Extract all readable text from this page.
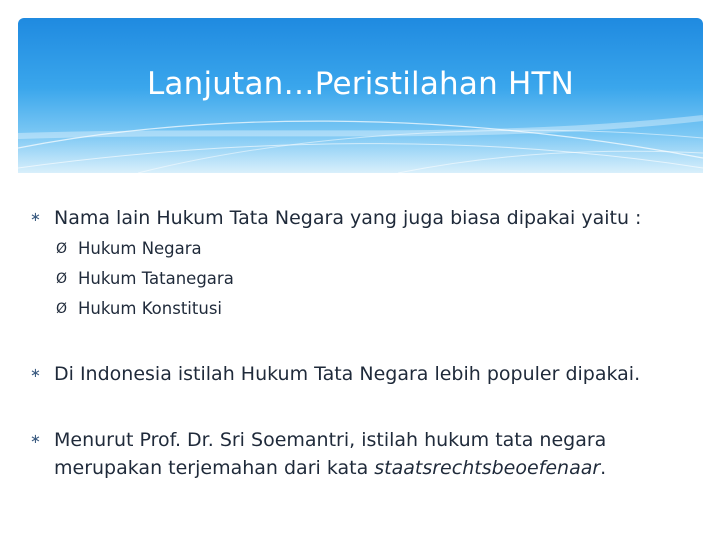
Lanjutan…Peristilahan HTN
∗ Nama lain Hukum Tata Negara yang juga biasa dipakai yaitu :
Ø Hukum Negara
Ø Hukum Tatanegara
Ø Hukum Konstitusi
∗ Di Indonesia istilah Hukum Tata Negara lebih populer dipakai.
∗ Menurut Prof. Dr. Sri Soemantri, istilah hukum tata negara merupakan terjemahan dari kata staatsrechtsbeoefenaar.
